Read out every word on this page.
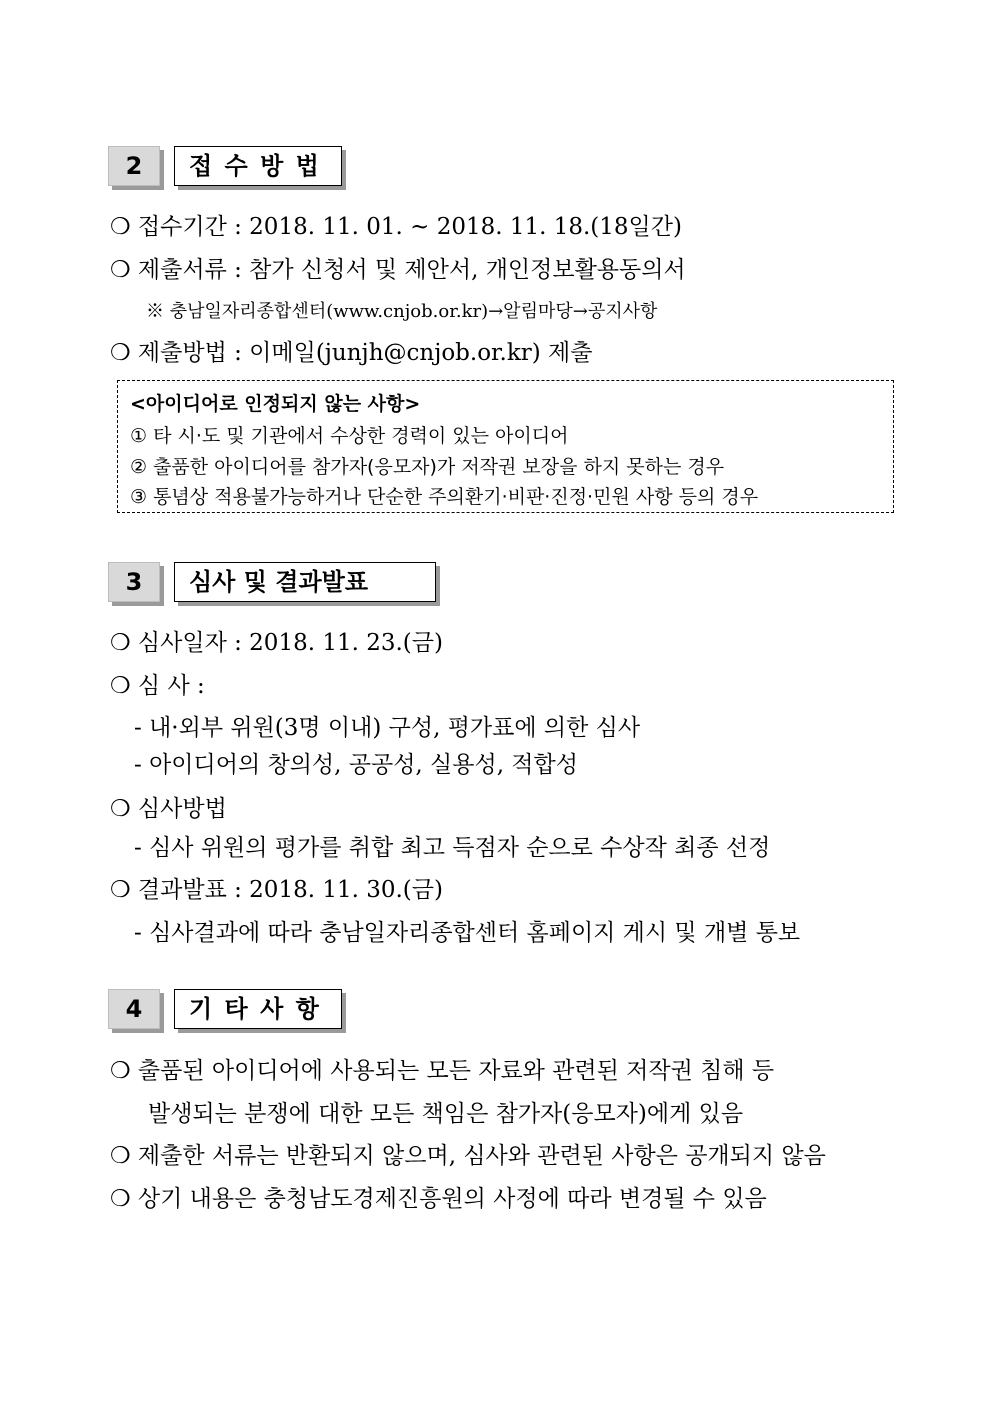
2	접 수 방 법
❍ 접수기간 : 2018. 11. 01. ~ 2018. 11. 18.(18일간)
❍ 제출서류 : 참가 신청서 및 제안서, 개인정보활용동의서
※ 충남일자리종합센터(www.cnjob.or.kr)→알림마당→공지사항
❍ 제출방법 : 이메일(junjh@cnjob.or.kr) 제출
<아이디어로 인정되지 않는 사항>
① 타 시·도 및 기관에서 수상한 경력이 있는 아이디어
② 출품한 아이디어를 참가자(응모자)가 저작권 보장을 하지 못하는 경우
③ 통념상 적용불가능하거나 단순한 주의환기·비판·진정·민원 사항 등의 경우
3	심사 및 결과발표
❍ 심사일자 : 2018. 11. 23.(금)
❍ 심 사 :
- 내·외부 위원(3명 이내) 구성, 평가표에 의한 심사
- 아이디어의 창의성, 공공성, 실용성, 적합성
❍ 심사방법
- 심사 위원의 평가를 취합 최고 득점자 순으로 수상작 최종 선정
❍ 결과발표 : 2018. 11. 30.(금)
- 심사결과에 따라 충남일자리종합센터 홈페이지 게시 및 개별 통보
4	기 타 사 항
❍ 출품된 아이디어에 사용되는 모든 자료와 관련된 저작권 침해 등
발생되는 분쟁에 대한 모든 책임은 참가자(응모자)에게 있음
❍ 제출한 서류는 반환되지 않으며, 심사와 관련된 사항은 공개되지 않음
❍ 상기 내용은 충청남도경제진흥원의 사정에 따라 변경될 수 있음
